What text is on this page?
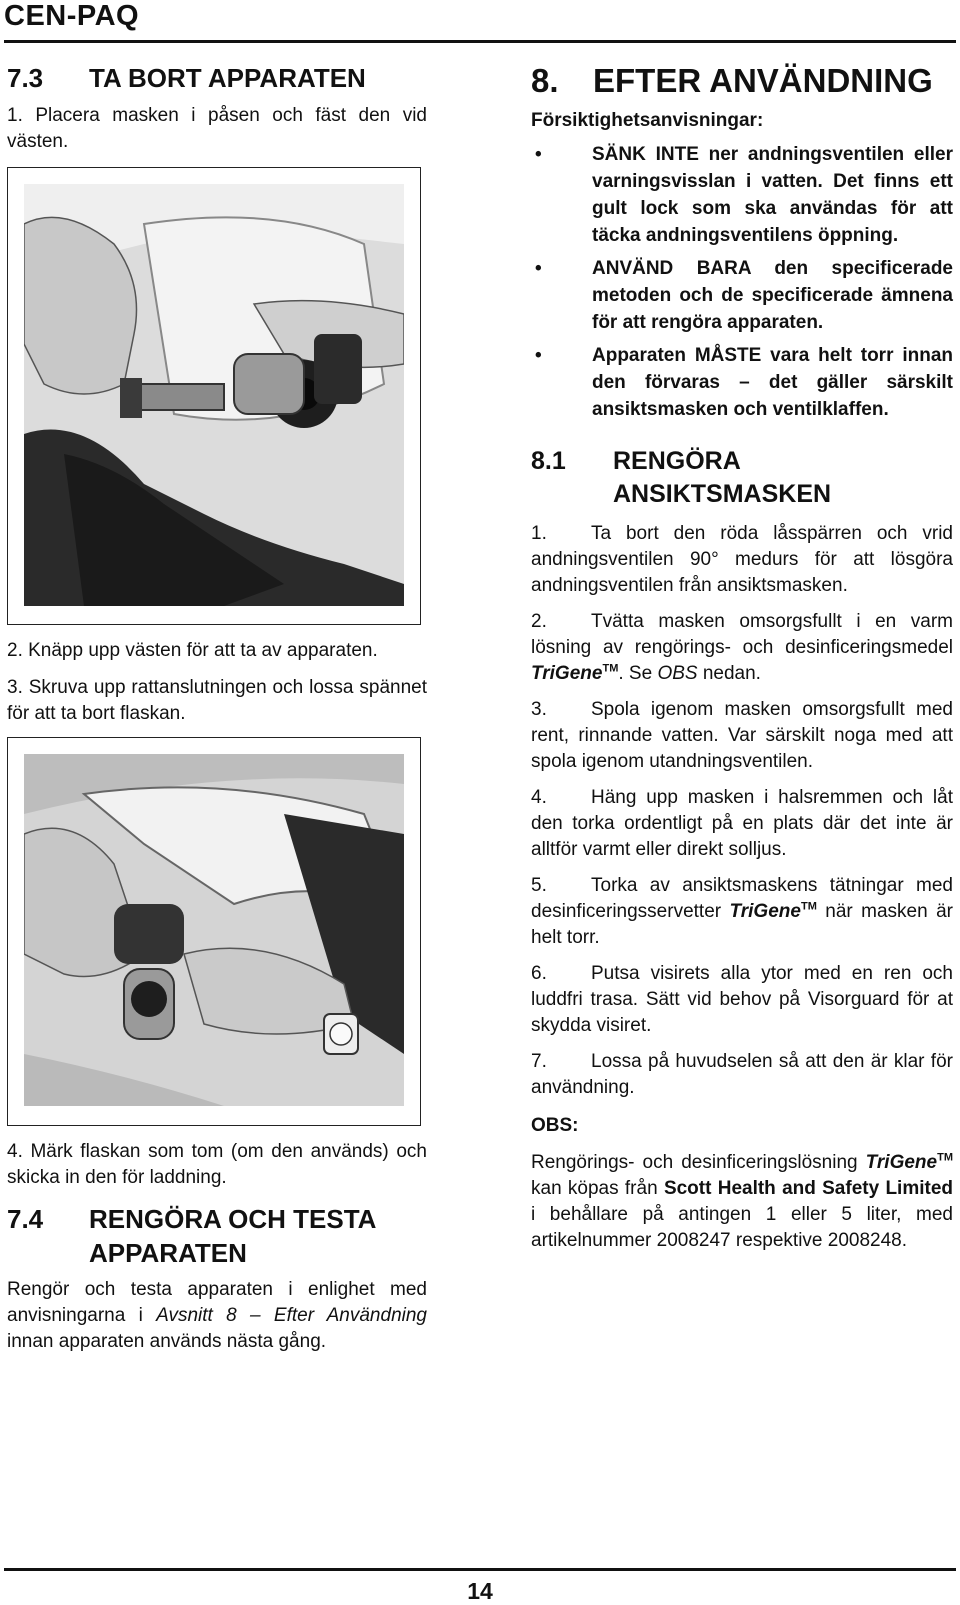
CEN-PAQ
7.3	TA BORT APPARATEN

1. Placera masken i påsen och fäst den vid västen.

2. Knäpp upp västen för att ta av apparaten.

3. Skruva upp rattanslutningen och lossa spännet för att ta bort flaskan.

4. Märk flaskan som tom (om den används) och skicka in den för laddning.

7.4	RENGÖRA OCH TESTA APPARATEN

Rengör och testa apparaten i enlighet med anvisningarna i Avsnitt 8 – Efter Användning innan apparaten används nästa gång.

8.	EFTER ANVÄNDNING

Försiktighetsanvisningar:

•	SÄNK INTE ner andningsventilen eller varningsvisslan i vatten. Det finns ett gult lock som ska användas för att täcka andningsventilens öppning.
•	ANVÄND BARA den specificerade metoden och de specificerade ämnena för att rengöra apparaten.
•	Apparaten MÅSTE vara helt torr innan den förvaras – det gäller särskilt ansiktsmasken och ventilklaffen.
8.1	RENGÖRA ANSIKTSMASKEN

1. Ta bort den röda låsspärren och vrid andningsventilen 90° medurs för att lösgöra andningsventilen från ansiktsmasken.

2. Tvätta masken omsorgsfullt i en varm lösning av rengörings- och desinficeringsmedel TriGene™. Se OBS nedan.

3. Spola igenom masken omsorgsfullt med rent, rinnande vatten. Var särskilt noga med att spola igenom utandningsventilen.

4. Häng upp masken i halsremmen och låt den torka ordentligt på en plats där det inte är alltför varmt eller direkt solljus.

5. Torka av ansiktsmaskens tätningar med desinficeringsservetter TriGene™ när masken är helt torr.

6. Putsa visirets alla ytor med en ren och luddfri trasa. Sätt vid behov på Visorguard för at skydda visiret.

7. Lossa på huvudselen så att den är klar för användning.

OBS:

Rengörings- och desinficeringslösning TriGene™ kan köpas från Scott Health and Safety Limited i behållare på antingen 1 eller 5 liter, med artikelnummer 2008247 respektive 2008248.

14
